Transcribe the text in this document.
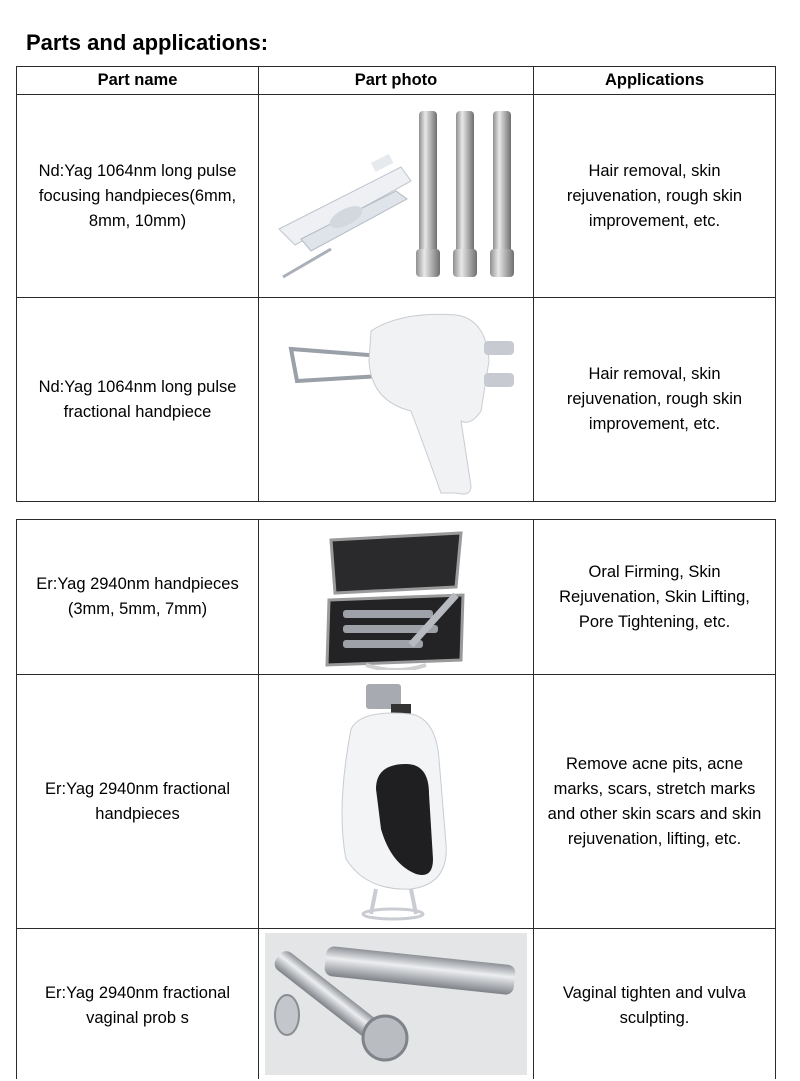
Parts and applications:
Part name	Part photo	Applications

Nd:Yag 1064nm long pulse focusing handpieces(6mm, 8mm, 10mm)		Hair removal, skin rejuvenation, rough skin improvement, etc.

Nd:Yag 1064nm long pulse fractional handpiece		Hair removal, skin rejuvenation, rough skin improvement, etc.
Er:Yag 2940nm handpieces (3mm, 5mm, 7mm)		Oral Firming, Skin Rejuvenation, Skin Lifting, Pore Tightening, etc.

Er:Yag 2940nm fractional handpieces		Remove acne pits, acne marks, scars, stretch marks and other skin scars and skin rejuvenation, lifting, etc.

Er:Yag 2940nm fractional vaginal prob s		Vaginal tighten and vulva sculpting.
